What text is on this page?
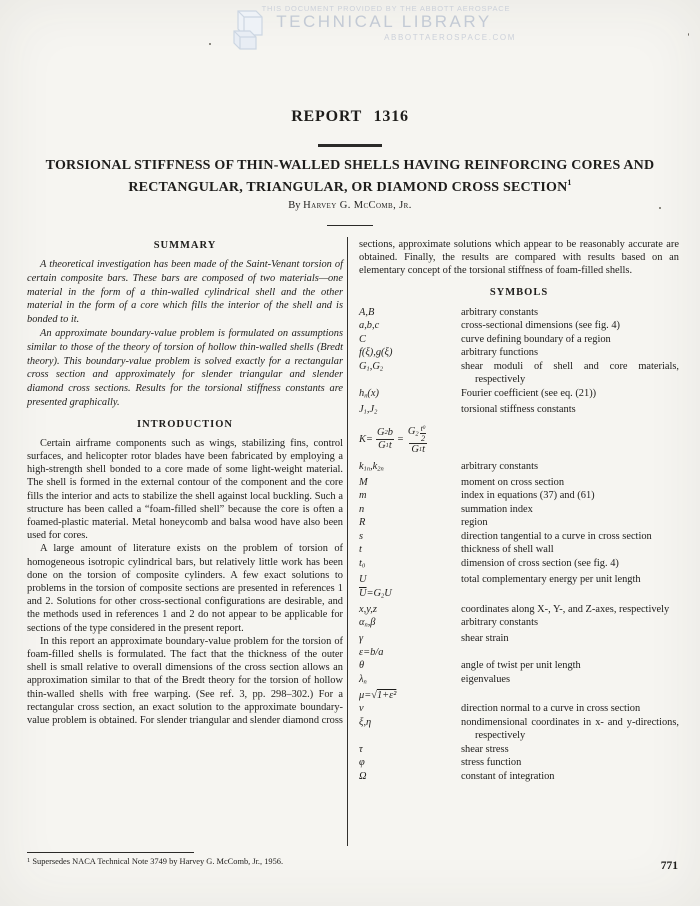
THIS DOCUMENT PROVIDED BY THE ABBOTT AEROSPACE
TECHNICAL LIBRARY
ABBOTTAEROSPACE.COM
REPORT 1316
TORSIONAL STIFFNESS OF THIN-WALLED SHELLS HAVING REINFORCING CORES AND
RECTANGULAR, TRIANGULAR, OR DIAMOND CROSS SECTION$^1$
By Harvey G. McComb, Jr.
SUMMARY

A theoretical investigation has been made of the Saint-Venant torsion of certain composite bars. These bars are composed of two materials—one material in the form of a thin-walled cylindrical shell and the other material in the form of a core which fills the interior of the shell and is bonded to it.

An approximate boundary-value problem is formulated on assumptions similar to those of the theory of torsion of hollow thin-walled shells (Bredt theory). This boundary-value problem is solved exactly for a rectangular cross section and approximately for slender triangular and slender diamond cross sections. Results for the torsional stiffness constants are presented graphically.

INTRODUCTION

Certain airframe components such as wings, stabilizing fins, control surfaces, and helicopter rotor blades have been fabricated by employing a high-strength shell bonded to a core made of some light-weight material. The shell is formed in the external contour of the component and the core fills the interior and acts to stabilize the shell against local buckling. Such a structure has been called a “foam-filled shell” because the core is often a foamed-plastic material. Metal honeycomb and balsa wood have also been used for cores.

A large amount of literature exists on the problem of torsion of homogeneous isotropic cylindrical bars, but relatively little work has been done on the torsion of composite cylinders. A few exact solutions to problems in the torsion of composite sections are presented in references 1 and 2. Solutions for other cross-sectional configurations are desirable, and the methods used in references 1 and 2 do not appear to be applicable for sections of the type considered in the present report.

In this report an approximate boundary-value problem for the torsion of foam-filled shells is formulated. The fact that the thickness of the outer shell is small relative to overall dimensions of the cross section allows an approximation similar to that of the Bredt theory for the torsion of hollow thin-walled shells with free warping. (See ref. 3, pp. 298–302.) For a rectangular cross section, an exact solution to the approximate boundary-value problem is obtained. For slender triangular and slender diamond cross

sections, approximate solutions which appear to be reasonably accurate are obtained. Finally, the results are compared with results based on an elementary concept of the torsional stiffness of foam-filled shells.

SYMBOLS
A,B	arbitrary constants
a,b,c	cross-sectional dimensions (see fig. 4)
C	curve defining boundary of a region
f(ξ),g(ξ)	arbitrary functions
G1,G2	shear moduli of shell and core materials, respectively
hn(x)	Fourier coefficient (see eq. (21))
J1,J2	torsional stiffness constants
$K= \frac{G 2 b}{G 1 t} = \frac{G2 \frac{t 0}{2}}{G 1 t}$
k1n,k2n	arbitrary constants
M	moment on cross section
m	index in equations (37) and (61)
n	summation index
R	region
s	direction tangential to a curve in cross section
t	thickness of shell wall
t0	dimension of cross section (see fig. 4)
U	total complementary energy per unit length
$\overline{U}=G2U$
x,y,z	coordinates along X-, Y-, and Z-axes, respectively
αn,β	arbitrary constants
γ	shear strain
ε=b/a
θ	angle of twist per unit length
λn	eigenvalues
μ=√1+ε²
ν	direction normal to a curve in cross section
ξ,η	nondimensional coordinates in x- and y-directions, respectively
τ	shear stress
φ	stress function
Ω	constant of integration
$^1$ Supersedes NACA Technical Note 3749 by Harvey G. McComb, Jr., 1956.	771
